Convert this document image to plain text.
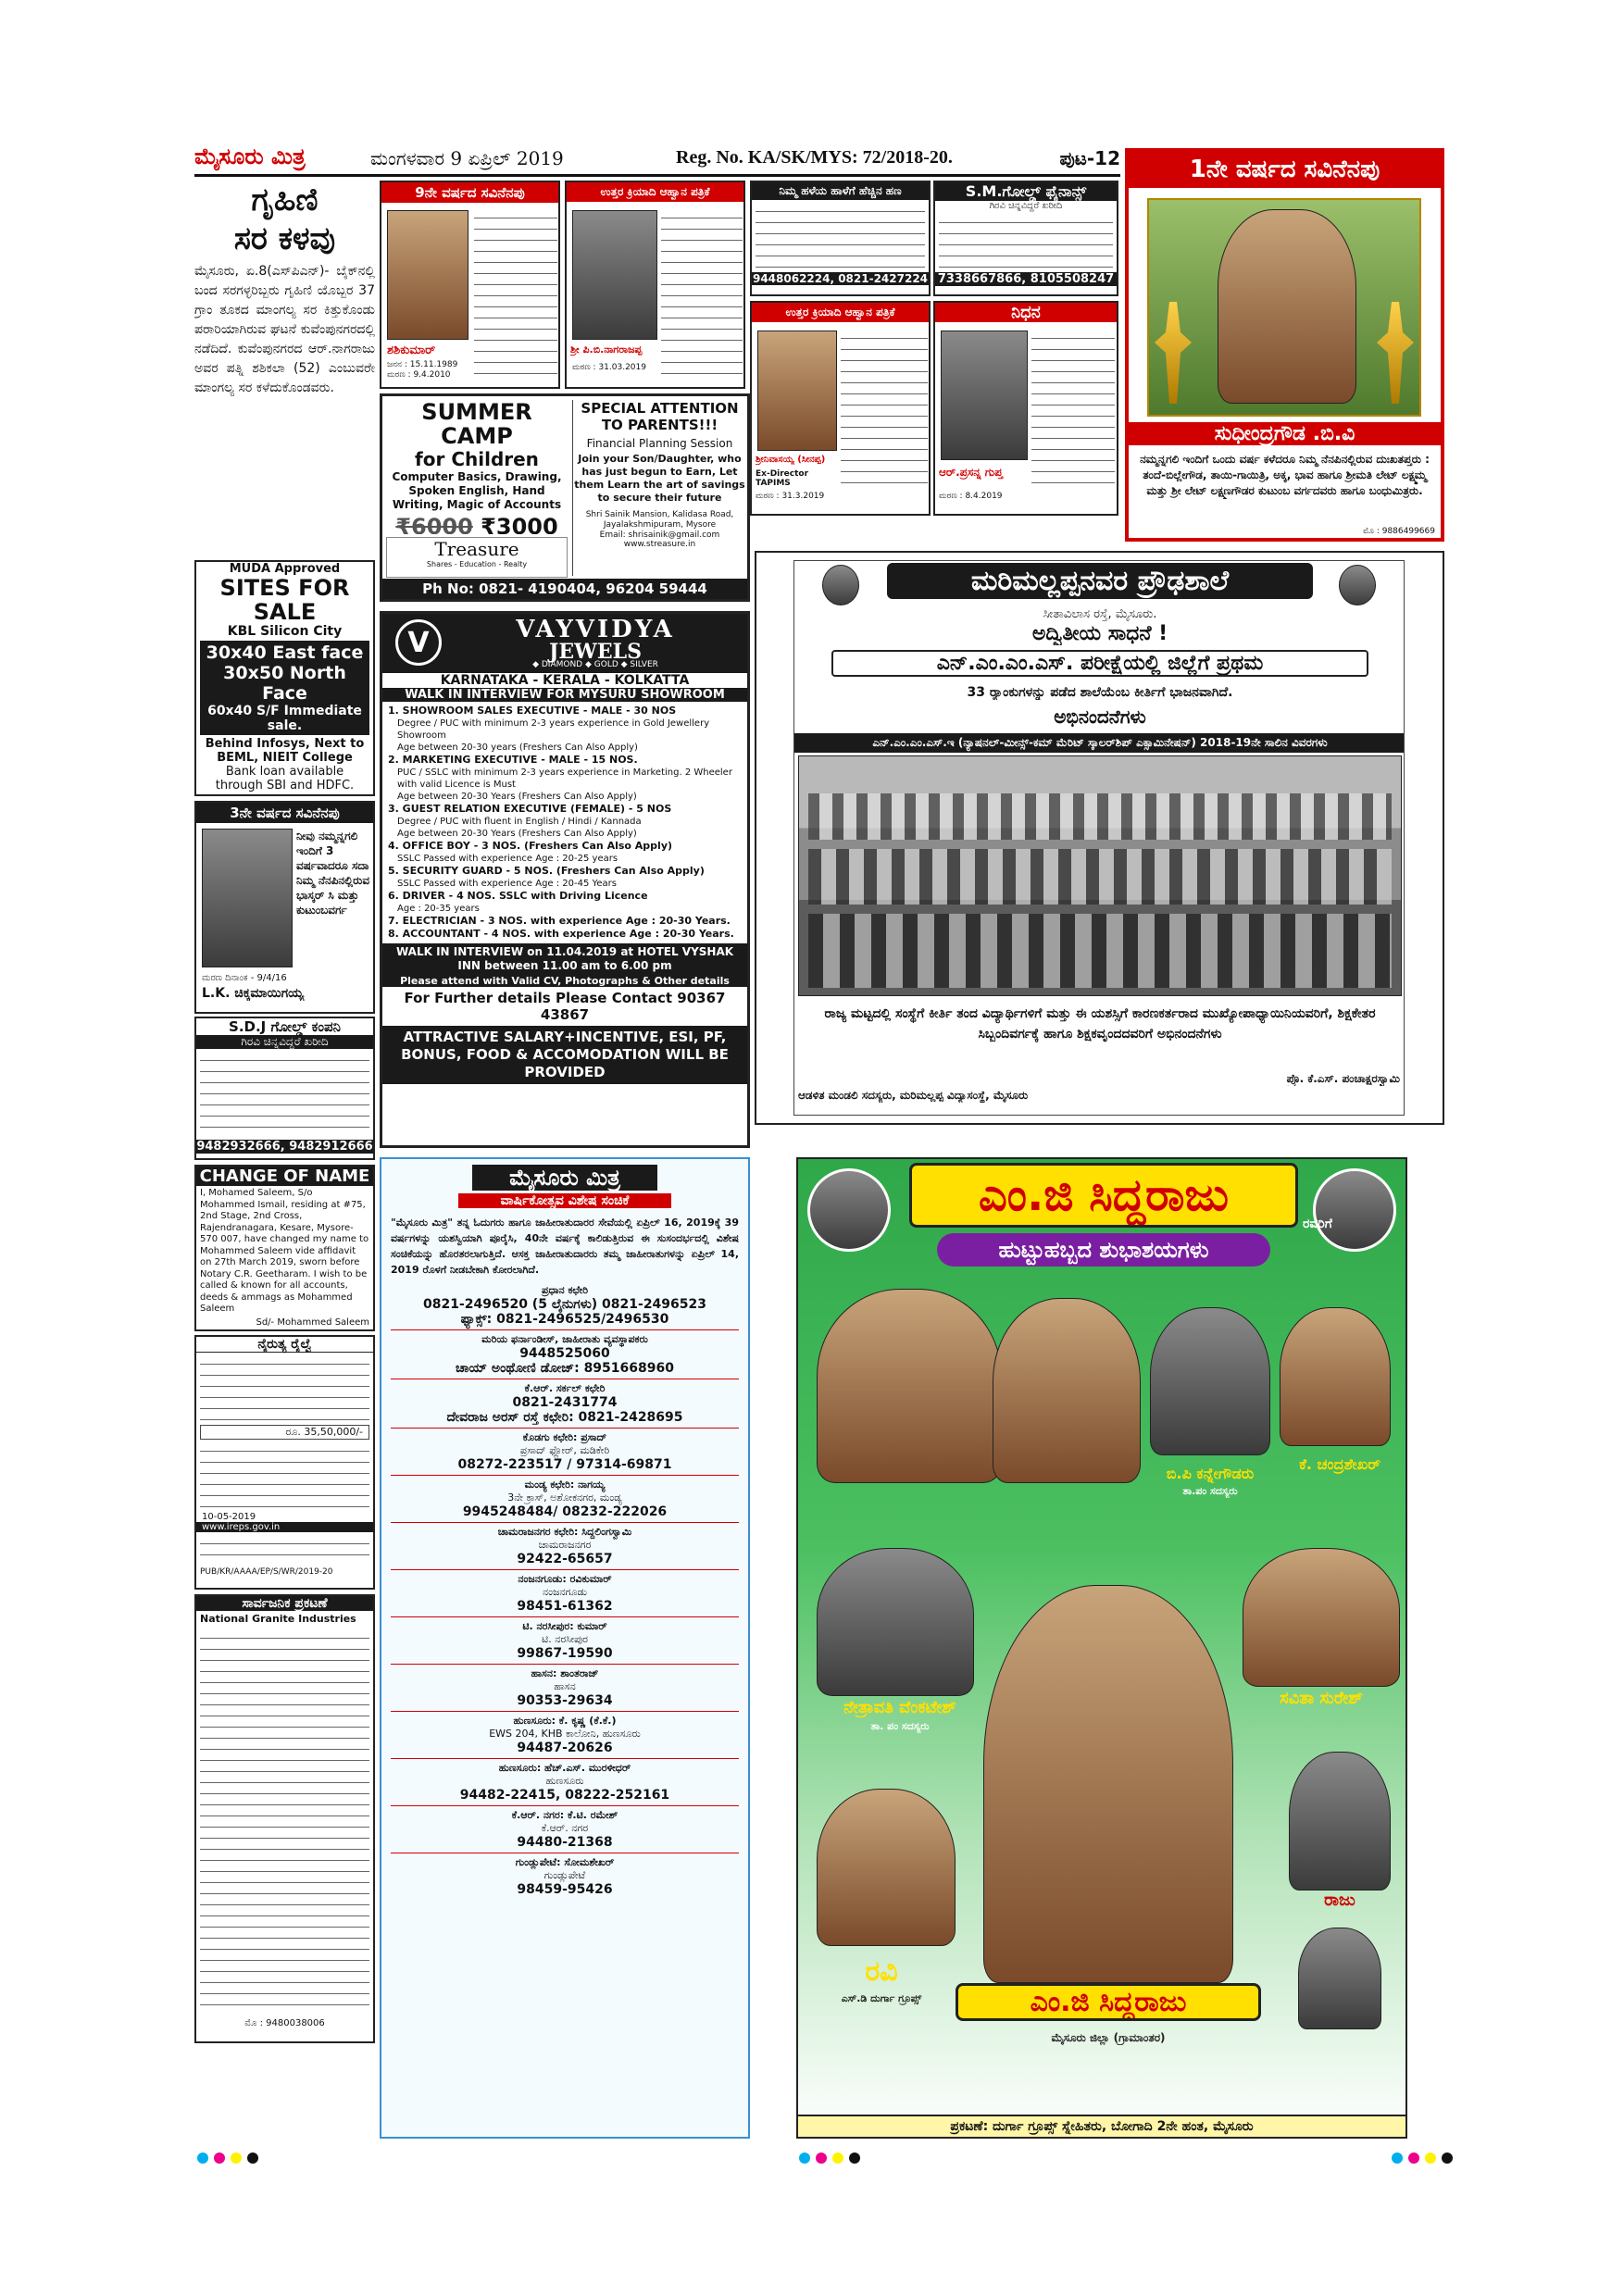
ಮೈಸೂರು ಮಿತ್ರ	ಮಂಗಳವಾರ 9 ಏಪ್ರಿಲ್ 2019	Reg. No. KA/SK/MYS: 72/2018-20.	ಪುಟ-12
ಗೃಹಿಣಿ
ಸರ ಕಳವು
ಮೈಸೂರು, ಏ.8(ಎಸ್‌ಪಿಎನ್)- ಬೈಕ್‌ನಲ್ಲಿ ಬಂದ ಸರಗಳ್ಳರಿಬ್ಬರು ಗೃಹಿಣಿ ಯೊಬ್ಬರ 37 ಗ್ರಾಂ ತೂಕದ ಮಾಂಗಲ್ಯ ಸರ ಕಿತ್ತುಕೊಂಡು ಪರಾರಿಯಾಗಿರುವ ಘಟನೆ ಕುವೆಂಪುನಗರದಲ್ಲಿ ನಡೆದಿದೆ. ಕುವೆಂಪುನಗರದ ಆರ್.ನಾಗರಾಜು ಅವರ ಪತ್ನಿ ಶಶಿಕಲಾ (52) ಎಂಬುವರೇ ಮಾಂಗಲ್ಯ ಸರ ಕಳೆದುಕೊಂಡವರು.
MUDA Approved
SITES FOR SALE
KBL Silicon City
30x40 East face
30x50 North Face
60x40 S/F Immediate sale.
Behind Infosys, Next to BEML, NIEIT College
Bank loan available
through SBI and HDFC.
3ನೇ ವರ್ಷದ ಸವಿನೆನಪು
ನೀವು ನಮ್ಮನ್ನಗಲಿ ಇಂದಿಗೆ 3 ವರ್ಷವಾದರೂ ಸದಾ ನಿಮ್ಮ ನೆನಪಿನಲ್ಲಿರುವ ಭಾಸ್ಕರ್ ಸಿ ಮತ್ತು ಕುಟುಂಬವರ್ಗ
ಮರಣ ದಿನಾಂಕ - 9/4/16
L.K. ಚಿಕ್ಕಮಾಯಿಗಯ್ಯ
S.D.J ಗೋಲ್ಡ್ ಕಂಪನಿ
ಗಿರವಿ ಚಿನ್ನವಿದ್ದರೆ ಖರೀದಿ
9482932666, 9482912666
CHANGE OF NAME
I, Mohamed Saleem, S/o Mohammed Ismail, residing at #75, 2nd Stage, 2nd Cross, Rajendranagara, Kesare, Mysore-570 007, have changed my name to Mohammed Saleem vide affidavit on 27th March 2019, sworn before Notary C.R. Geetharam. I wish to be called & known for all accounts, deeds & ammags as Mohammed Saleem
Sd/- Mohammed Saleem
ನೈರುತ್ಯ ರೈಲ್ವೆ
ರೂ. 35,50,000/-
10-05-2019
www.ireps.gov.in
PUB/KR/AAAA/EP/S/WR/2019-20
ಸಾರ್ವಜನಿಕ ಪ್ರಕಟಣೆ
National Granite Industries
ಮೊ : 9480038006
9ನೇ ವರ್ಷದ ಸವಿನೆನಪು
ಶಶಿಕುಮಾರ್
ಜನನ : 15.11.1989 ಮರಣ : 9.4.2010
ಉತ್ತರ ಕ್ರಿಯಾದಿ ಆಹ್ವಾನ ಪತ್ರಿಕೆ
ಶ್ರೀ ಪಿ.ಬಿ.ನಾಗರಾಜಪ್ಪ
ಮರಣ : 31.03.2019
ನಿಮ್ಮ ಹಳೆಯ ಹಾಳೆಗೆ ಹೆಚ್ಚಿನ ಹಣ
9448062224, 0821-2427224
S.M.ಗೋಲ್ಡ್ ಫೈನಾನ್ಸ್
ಗಿರವಿ ಚಿನ್ನವಿದ್ದರೆ ಖರೀದಿ
7338667866, 8105508247
ಉತ್ತರ ಕ್ರಿಯಾದಿ ಆಹ್ವಾನ ಪತ್ರಿಕೆ
ಶ್ರೀನಿವಾಸಯ್ಯ (ಸೀನಪ್ಪ)
Ex-Director TAPIMS
ಮರಣ : 31.3.2019
ನಿಧನ
ಆರ್.ಪ್ರಸನ್ನ ಗುಪ್ತ
ಮರಣ : 8.4.2019
1ನೇ ವರ್ಷದ ಸವಿನೆನಪು
ಸುಧೀಂದ್ರಗೌಡ .ಬಿ.ವಿ
ನಮ್ಮನ್ನಗಲಿ ಇಂದಿಗೆ ಒಂದು ವರ್ಷ ಕಳೆದರೂ ನಿಮ್ಮ ನೆನಪಿನಲ್ಲಿರುವ ದುಃಖತಪ್ತರು : ತಂದೆ-ಬಿಲ್ಲೇಗೌಡ, ತಾಯಿ-ಗಾಯಿತ್ರಿ, ಅಕ್ಕ, ಭಾವ ಹಾಗೂ ಶ್ರೀಮತಿ ಲೇಟ್ ಲಕ್ಷ್ಮಮ್ಮ ಮತ್ತು ಶ್ರೀ ಲೇಟ್ ಲಕ್ಷ್ಮಣಗೌಡರ ಕುಟುಂಬ ವರ್ಗದವರು ಹಾಗೂ ಬಂಧುಮಿತ್ರರು.
ಮೊ : 9886499669
SUMMER CAMP
for Children
Computer Basics, Drawing, Spoken English, Hand Writing, Magic of Accounts
₹6000 ₹3000
Treasure
Shares - Education - Realty
SPECIAL ATTENTION
TO PARENTS!!!
Financial Planning Session
Join your Son/Daughter, who has just begun to Earn, Let them Learn the art of savings to secure their future
Shri Sainik Mansion, Kalidasa Road, Jayalakshmipuram, Mysore
Email: shrisainik@gmail.com
www.streasure.in
Ph No: 0821- 4190404, 96204 59444
V	VAYVIDYA
JEWELS
◆ DIAMOND ◆ GOLD ◆ SILVER
KARNATAKA - KERALA - KOLKATTA
WALK IN INTERVIEW FOR MYSURU SHOWROOM
1. SHOWROOM SALES EXECUTIVE - MALE - 30 NOS
Degree / PUC with minimum 2-3 years experience in Gold Jewellery Showroom
Age between 20-30 years (Freshers Can Also Apply)
2. MARKETING EXECUTIVE - MALE - 15 NOS.
PUC / SSLC with minimum 2-3 years experience in Marketing. 2 Wheeler with valid Licence is Must
Age between 20-30 Years (Freshers Can Also Apply)
3. GUEST RELATION EXECUTIVE (FEMALE) - 5 NOS
Degree / PUC with fluent in English / Hindi / Kannada
Age between 20-30 Years (Freshers Can Also Apply)
4. OFFICE BOY - 3 NOS. (Freshers Can Also Apply)
SSLC Passed with experience Age : 20-25 years
5. SECURITY GUARD - 5 NOS. (Freshers Can Also Apply)
SSLC Passed with experience Age : 20-45 Years
6. DRIVER - 4 NOS. SSLC with Driving Licence
Age : 20-35 years
7. ELECTRICIAN - 3 NOS. with experience Age : 20-30 Years.
8. ACCOUNTANT - 4 NOS. with experience Age : 20-30 Years.
WALK IN INTERVIEW on 11.04.2019 at HOTEL VYSHAK INN between 11.00 am to 6.00 pm
Please attend with Valid CV, Photographs & Other details
For Further details Please Contact 90367 43867
ATTRACTIVE SALARY+INCENTIVE, ESI, PF, BONUS, FOOD & ACCOMODATION WILL BE PROVIDED
ಮೈಸೂರು ಮಿತ್ರ
ವಾರ್ಷಿಕೋತ್ಸವ ವಿಶೇಷ ಸಂಚಿಕೆ
"ಮೈಸೂರು ಮಿತ್ರ" ತನ್ನ ಓದುಗರು ಹಾಗೂ ಜಾಹೀರಾತುದಾರರ ಸೇವೆಯಲ್ಲಿ ಏಪ್ರಿಲ್ 16, 2019ಕ್ಕೆ 39 ವರ್ಷಗಳನ್ನು ಯಶಸ್ವಿಯಾಗಿ ಪೂರೈಸಿ, 40ನೇ ವರ್ಷಕ್ಕೆ ಕಾಲಿಡುತ್ತಿರುವ ಈ ಸುಸಂದರ್ಭದಲ್ಲಿ ವಿಶೇಷ ಸಂಚಿಕೆಯನ್ನು ಹೊರತರಲಾಗುತ್ತಿದೆ. ಆಸಕ್ತ ಜಾಹೀರಾತುದಾರರು ತಮ್ಮ ಜಾಹೀರಾತುಗಳನ್ನು ಏಪ್ರಿಲ್ 14, 2019 ರೊಳಗೆ ನೀಡಬೇಕಾಗಿ ಕೋರಲಾಗಿದೆ.
ಪ್ರಧಾನ ಕಛೇರಿ
0821-2496520 (5 ಲೈನುಗಳು) 0821-2496523
ಫ್ಯಾಕ್ಸ್: 0821-2496525/2496530
ಮರಿಯ ಫರ್ನಾಂಡೀಸ್, ಜಾಹೀರಾತು ವ್ಯವಸ್ಥಾಪಕರು
9448525060
ಚಾಯ್ ಅಂಥೋಣಿ ಡೋಜ್: 8951668960
ಕೆ.ಆರ್. ಸರ್ಕಲ್ ಕಛೇರಿ
0821-2431774
ದೇವರಾಜ ಅರಸ್ ರಸ್ತೆ ಕಛೇರಿ: 0821-2428695
ಕೊಡಗು ಕಛೇರಿ: ಪ್ರಸಾದ್
ಪ್ರಸಾದ್ ಫ್ಲೋರ್, ಮಡಿಕೇರಿ
08272-223517 / 97314-69871
ಮಂಡ್ಯ ಕಛೇರಿ: ನಾಗಯ್ಯ
3ನೇ ಕ್ರಾಸ್, ಅಶೋಕನಗರ, ಮಂಡ್ಯ
9945248484/ 08232-222026
ಚಾಮರಾಜನಗರ ಕಛೇರಿ: ಸಿದ್ದಲಿಂಗಸ್ವಾಮಿ
ಚಾಮರಾಜನಗರ
92422-65657
ನಂಜನಗೂಡು: ರವಿಕುಮಾರ್
ನಂಜನಗೂಡು
98451-61362
ಟಿ. ನರಸೀಪುರ: ಕುಮಾರ್
ಟಿ. ನರಸೀಪುರ
99867-19590
ಹಾಸನ: ಶಾಂತರಾಜ್
ಹಾಸನ
90353-29634
ಹುಣಸೂರು: ಕೆ. ಕೃಷ್ಣ (ಕೆ.ಕೆ.)
EWS 204, KHB ಕಾಲೋನಿ, ಹುಣಸೂರು
94487-20626
ಹುಣಸೂರು: ಹೆಚ್.ಎಸ್. ಮುರಳೀಧರ್
ಹುಣಸೂರು
94482-22415, 08222-252161
ಕೆ.ಆರ್. ನಗರ: ಕೆ.ಟಿ. ರಮೇಶ್
ಕೆ.ಆರ್. ನಗರ
94480-21368
ಗುಂಡ್ಲುಪೇಟೆ: ಸೋಮಶೇಖರ್
ಗುಂಡ್ಲುಪೇಟೆ
98459-95426
ಮರಿಮಲ್ಲಪ್ಪನವರ ಪ್ರೌಢಶಾಲೆ
ಸೀತಾವಿಲಾಸ ರಸ್ತೆ, ಮೈಸೂರು.
ಅದ್ವಿತೀಯ ಸಾಧನೆ !
ಎನ್.ಎಂ.ಎಂ.ಎಸ್. ಪರೀಕ್ಷೆಯಲ್ಲಿ ಜಿಲ್ಲೆಗೆ ಪ್ರಥಮ
33 ರ‍್ಯಾಂಕುಗಳನ್ನು ಪಡೆದ ಶಾಲೆಯೆಂಬ ಕೀರ್ತಿಗೆ ಭಾಜನವಾಗಿದೆ.
ಅಭಿನಂದನೆಗಳು
ಎನ್.ಎಂ.ಎಂ.ಎಸ್.ಇ (ನ್ಯಾಷನಲ್-ಮೀನ್ಸ್-ಕಮ್ ಮೆರಿಟ್ ಸ್ಕಾಲರ್‌ಶಿಪ್ ಎಕ್ಸಾಮಿನೇಷನ್) 2018-19ನೇ ಸಾಲಿನ ವಿವರಗಳು
ರಾಜ್ಯ ಮಟ್ಟದಲ್ಲಿ ಸಂಸ್ಥೆಗೆ ಕೀರ್ತಿ ತಂದ ವಿದ್ಯಾರ್ಥಿಗಳಿಗೆ ಮತ್ತು ಈ ಯಶಸ್ಸಿಗೆ ಕಾರಣಕರ್ತರಾದ ಮುಖ್ಯೋಪಾಧ್ಯಾಯಿನಿಯವರಿಗೆ, ಶಿಕ್ಷಕೇತರ ಸಿಬ್ಬಂದಿವರ್ಗಕ್ಕೆ ಹಾಗೂ ಶಿಕ್ಷಕವೃಂದದವರಿಗೆ ಅಭಿನಂದನೆಗಳು
ಆಡಳಿತ ಮಂಡಲಿ ಸದಸ್ಯರು, ಮರಿಮಲ್ಲಪ್ಪ ವಿದ್ಯಾಸಂಸ್ಥೆ, ಮೈಸೂರು
ಪ್ರೊ. ಕೆ.ಎಸ್. ಪಂಚಾಕ್ಷರಸ್ವಾಮಿ
ಎಂ.ಜಿ ಸಿದ್ದರಾಜು
ರವರಿಗೆ
ಹುಟ್ಟುಹಬ್ಬದ ಶುಭಾಶಯಗಳು
ಬಿ.ಪಿ ಕನ್ನೇಗೌಡರು
ತಾ.ಪಂ ಸದಸ್ಯರು
ಕೆ. ಚಂದ್ರಶೇಖರ್
ನೇತ್ರಾವತಿ ವೆಂಕಟೇಶ್
ತಾ. ಪಂ ಸದಸ್ಯರು
ಸವಿತಾ ಸುರೇಶ್
ರಾಜು
ರವಿ
ಎಸ್.ಡಿ ದುರ್ಗಾ ಗ್ರೂಪ್ಸ್	ಎಂ.ಜಿ ಸಿದ್ದರಾಜು
ಮೈಸೂರು ಜಿಲ್ಲಾ (ಗ್ರಾಮಾಂತರ)
ಪ್ರಕಟಣೆ: ದುರ್ಗಾ ಗ್ರೂಪ್ಸ್ ಸ್ನೇಹಿತರು, ಬೋಗಾದಿ 2ನೇ ಹಂತ, ಮೈಸೂರು
